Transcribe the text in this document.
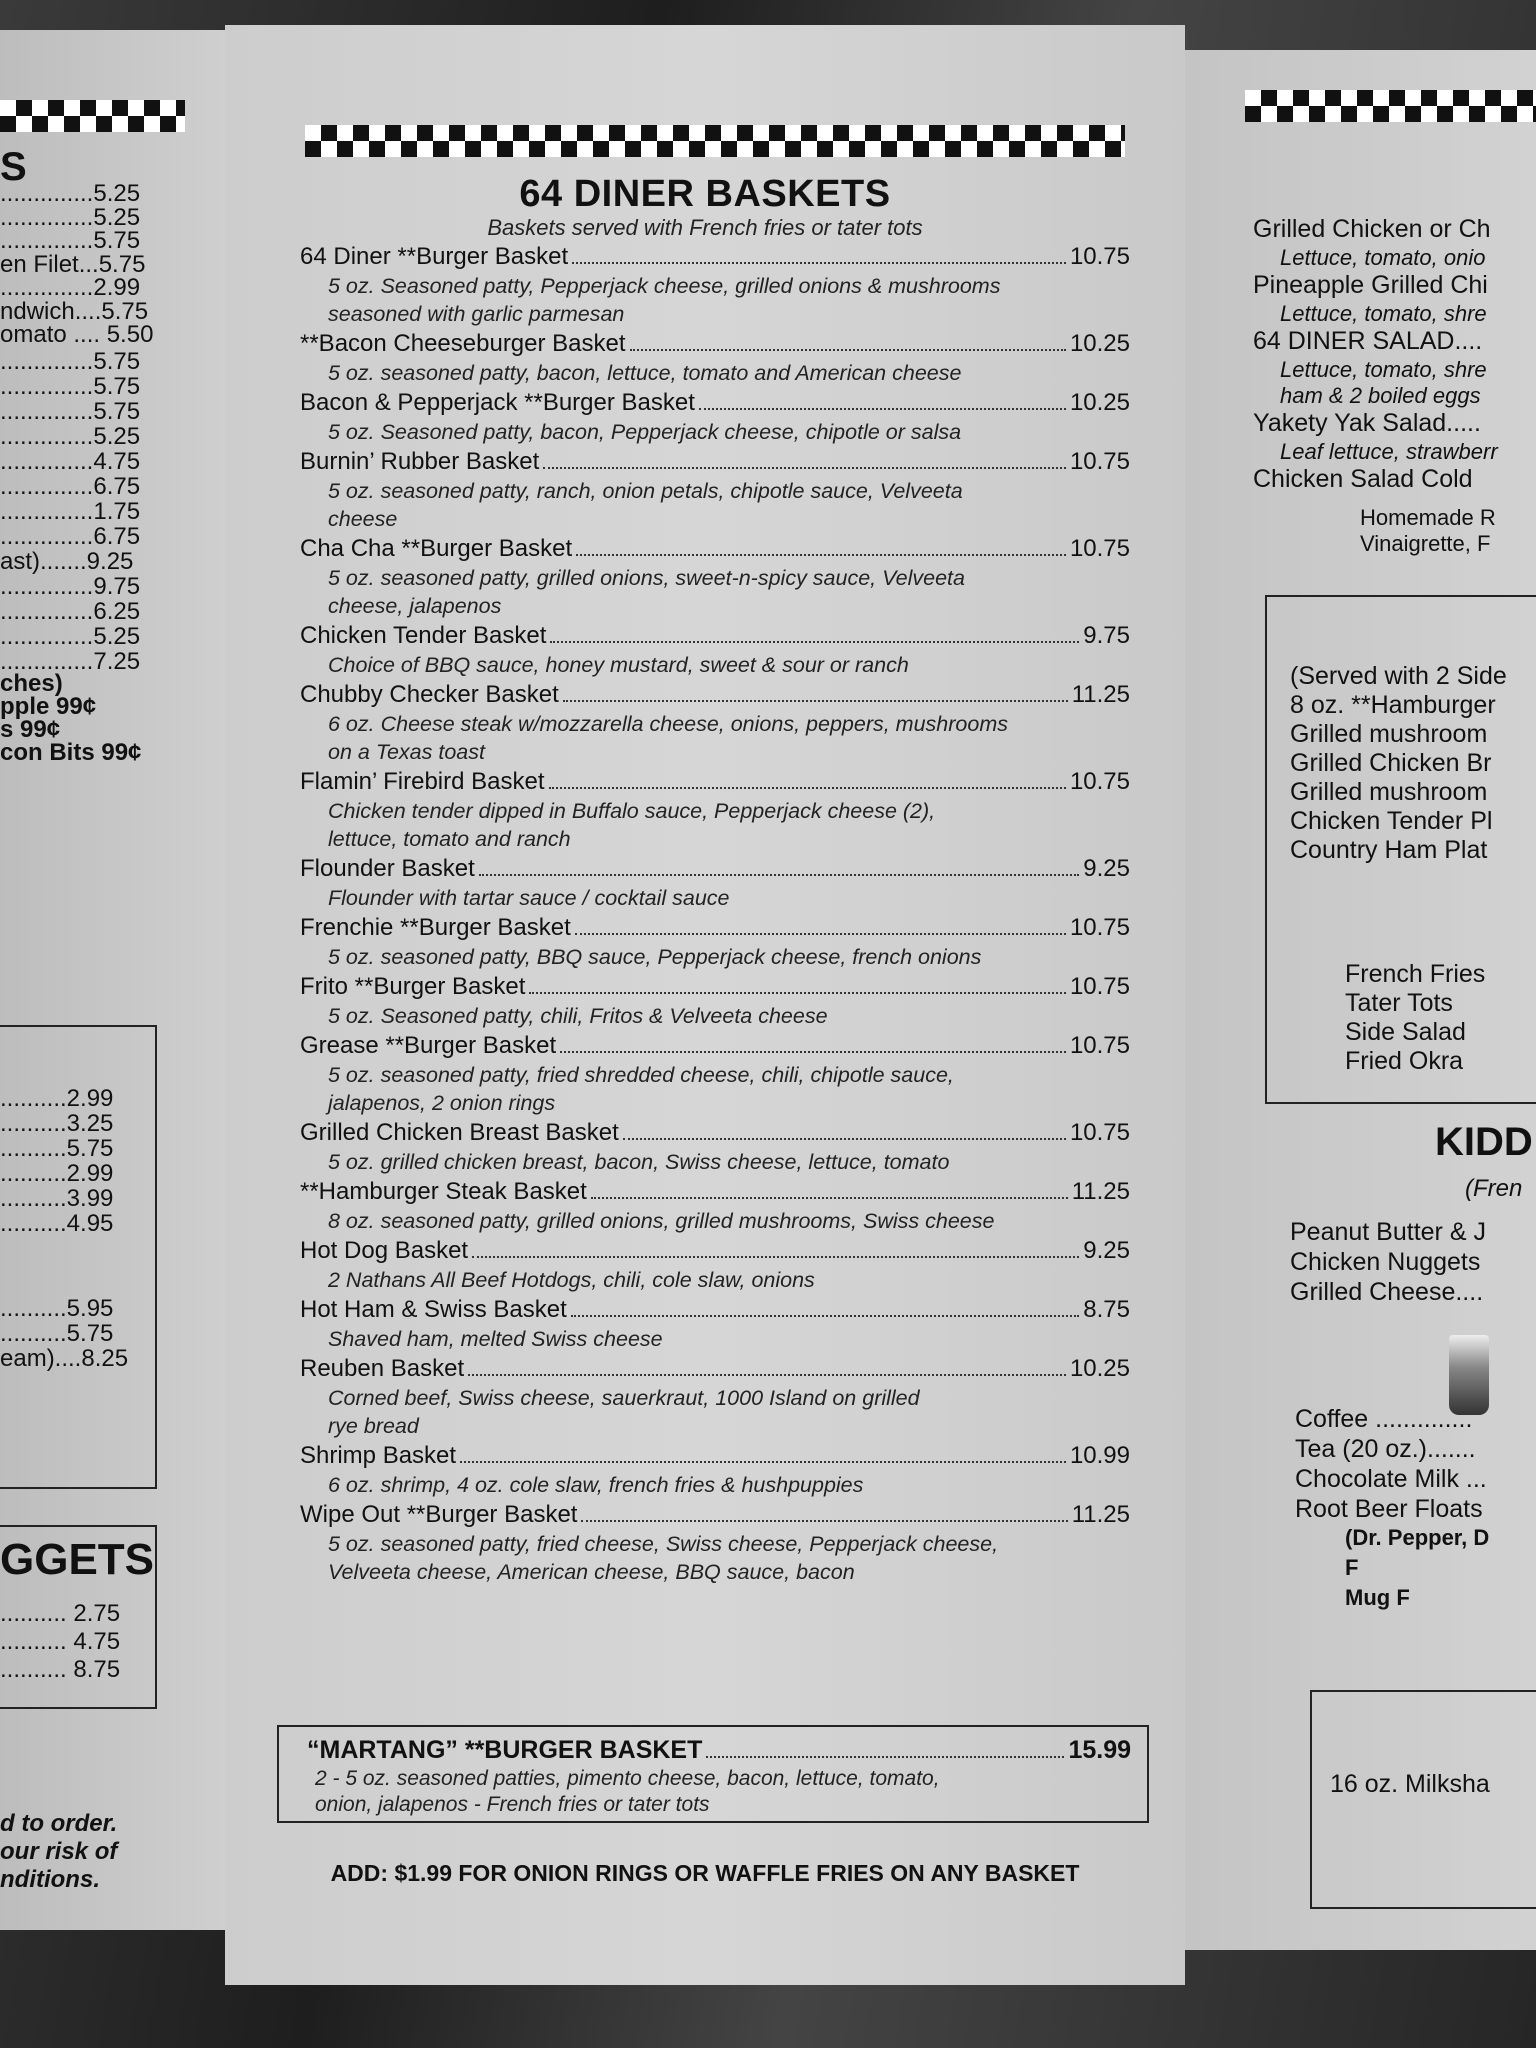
S
..............5.25
..............5.25
..............5.75
en Filet...5.75
..............2.99
ndwich....5.75
omato .... 5.50
..............5.75
..............5.75
..............5.75
..............5.25
..............4.75
..............6.75
..............1.75
..............6.75
ast).......9.25
..............9.75
..............6.25
..............5.25
..............7.25
ches)
pple 99¢
s 99¢
con Bits 99¢
..........2.99
..........3.25
..........5.75
..........2.99
..........3.99
..........4.95
..........5.95
..........5.75
eam)....8.25
GGETS
.......... 2.75
.......... 4.75
.......... 8.75
d to order.
our risk of
nditions.
64 DINER BASKETS
Baskets served with French fries or tater tots
64 Diner **Burger Basket	10.75
5 oz. Seasoned patty, Pepperjack cheese, grilled onions & mushrooms
seasoned with garlic parmesan
**Bacon Cheeseburger Basket	10.25
5 oz. seasoned patty, bacon, lettuce, tomato and American cheese
Bacon & Pepperjack **Burger Basket	10.25
5 oz. Seasoned patty, bacon, Pepperjack cheese, chipotle or salsa
Burnin’ Rubber Basket	10.75
5 oz. seasoned patty, ranch, onion petals, chipotle sauce, Velveeta
cheese
Cha Cha **Burger Basket	10.75
5 oz. seasoned patty, grilled onions, sweet-n-spicy sauce, Velveeta
cheese, jalapenos
Chicken Tender Basket	9.75
Choice of BBQ sauce, honey mustard, sweet & sour or ranch
Chubby Checker Basket	11.25
6 oz. Cheese steak w/mozzarella cheese, onions, peppers, mushrooms
on a Texas toast
Flamin’ Firebird Basket	10.75
Chicken tender dipped in Buffalo sauce, Pepperjack cheese (2),
lettuce, tomato and ranch
Flounder Basket	9.25
Flounder with tartar sauce / cocktail sauce
Frenchie **Burger Basket	10.75
5 oz. seasoned patty, BBQ sauce, Pepperjack cheese, french onions
Frito **Burger Basket	10.75
5 oz. Seasoned patty, chili, Fritos & Velveeta cheese
Grease **Burger Basket	10.75
5 oz. seasoned patty, fried shredded cheese, chili, chipotle sauce,
jalapenos, 2 onion rings
Grilled Chicken Breast Basket	10.75
5 oz. grilled chicken breast, bacon, Swiss cheese, lettuce, tomato
**Hamburger Steak Basket	11.25
8 oz. seasoned patty, grilled onions, grilled mushrooms, Swiss cheese
Hot Dog Basket	9.25
2 Nathans All Beef Hotdogs, chili, cole slaw, onions
Hot Ham & Swiss Basket	8.75
Shaved ham, melted Swiss cheese
Reuben Basket	10.25
Corned beef, Swiss cheese, sauerkraut, 1000 Island on grilled
rye bread
Shrimp Basket	10.99
6 oz. shrimp, 4 oz. cole slaw, french fries & hushpuppies
Wipe Out **Burger Basket	11.25
5 oz. seasoned patty, fried cheese, Swiss cheese, Pepperjack cheese,
Velveeta cheese, American cheese, BBQ sauce, bacon
“MARTANG” **BURGER BASKET	15.99
2 - 5 oz. seasoned patties, pimento cheese, bacon, lettuce, tomato,
onion, jalapenos - French fries or tater tots
ADD: $1.99 FOR ONION RINGS OR WAFFLE FRIES ON ANY BASKET
Grilled Chicken or Ch
Lettuce, tomato, onio
Pineapple Grilled Chi
Lettuce, tomato, shre
64 DINER SALAD....
Lettuce, tomato, shre
ham & 2 boiled eggs
Yakety Yak Salad.....
Leaf lettuce, strawberr
Chicken Salad Cold
Homemade R
Vinaigrette, F
(Served with 2 Side
8 oz. **Hamburger
Grilled mushroom
Grilled Chicken Br
Grilled mushroom
Chicken Tender Pl
Country Ham Plat
French Fries
Tater Tots
Side Salad
Fried Okra
KIDD
(Fren
Peanut Butter & J
Chicken Nuggets
Grilled Cheese....
Coffee ..............
Tea (20 oz.).......
Chocolate Milk ...
Root Beer Floats
(Dr. Pepper, D
F
Mug F
16 oz. Milksha
